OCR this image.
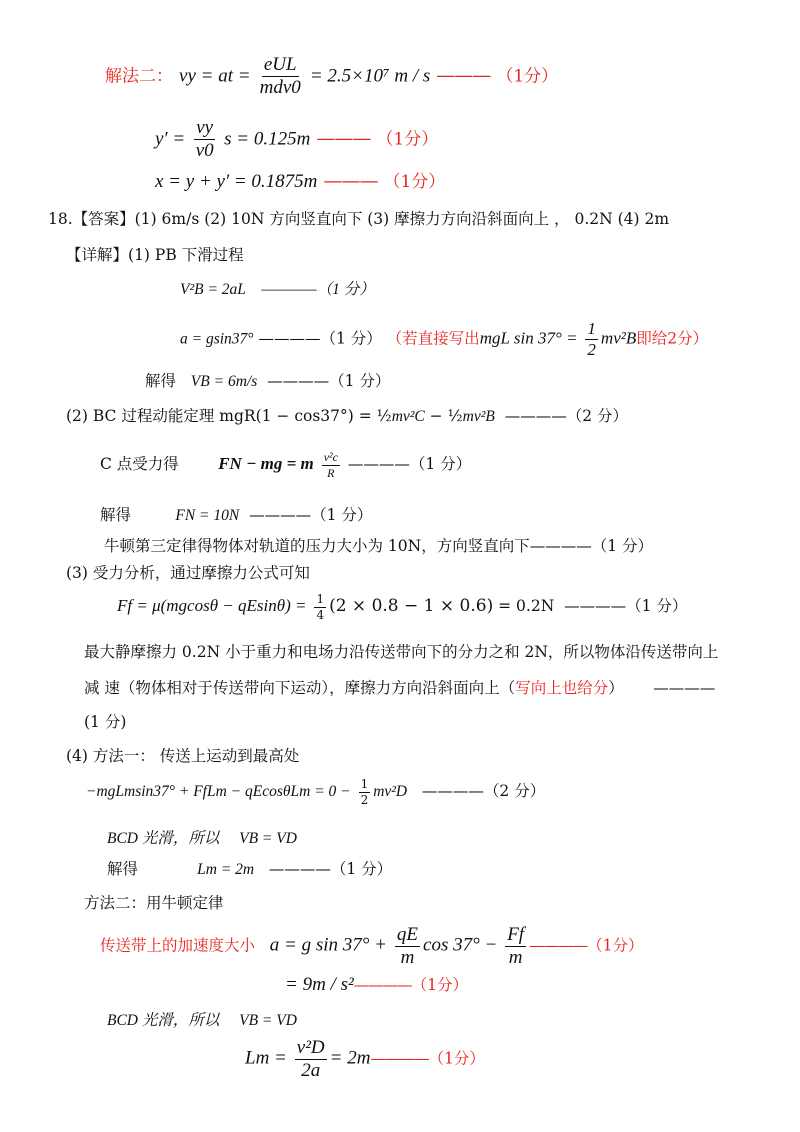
解法二： vy = at = $\frac{\text{eUL}}{\text{mdv0}} = 2.5\times 10^7$ m / s ——— （1分）
$y' = \frac{vy}{v0}$ s = 0.125m ——— （1分）
x = y + y′ = 0.1875m ——— （1分）
18.【答案】(1) 6m/s (2) 10N 方向竖直向下 (3) 摩擦力方向沿斜面向上 ， 0.2N (4) 2m
【详解】(1) PB 下滑过程
V²B = 2aL ————（1 分）
a = gsin37° ————（1 分） （若直接写出mgL $\sin 37^\circ = \frac{1}{2} mv^2B$即给2分）
解得 VB = 6m/s ————（1 分）
(2) BC 过程动能定理 mgR(1 − cos37°) = ½mv²C − ½mv²B ————（2 分）
C 点受力得 FN − mg = m $\frac{\text{v²c}}{R}$ ————（1 分）
解得	FN = 10N ————（1 分）
牛顿第三定律得物体对轨道的压力大小为 10N，方向竖直向下————（1 分）
(3) 受力分析，通过摩擦力公式可知
$Ff = \mu(mgcos\theta - qEsin\theta) = \frac{1}{4} (2 \times 0.8 - 1 \times 0.6) = 0.2N$ ————（1 分）
最大静摩擦力 0.2N 小于重力和电场力沿传送带向下的分力之和 2N，所以物体沿传送带向上
减 速（物体相对于传送带向下运动），摩擦力方向沿斜面向上（写向上也给分） ————
(1 分)
(4) 方法一： 传送上运动到最高处
−mgLmsin37° + FfLm − $qEcos\theta Lm = 0 - \frac{1}{2} mv^2D$ ————（2 分）
BCD 光滑，所以 VB = VD
解得	Lm = 2m ————（1 分）
方法二：用牛顿定律
传送带上的加速度大小 a = g $\sin 37^\circ + \frac{qE}{m}$ $\cos 37^\circ - \frac{Ff}{m}$ ————（1分）
= 9m / s²————（1分）
BCD 光滑，所以 VB = VD
$Lm = \frac{\text{v²D}}{2a}$ = 2m————（1分）
